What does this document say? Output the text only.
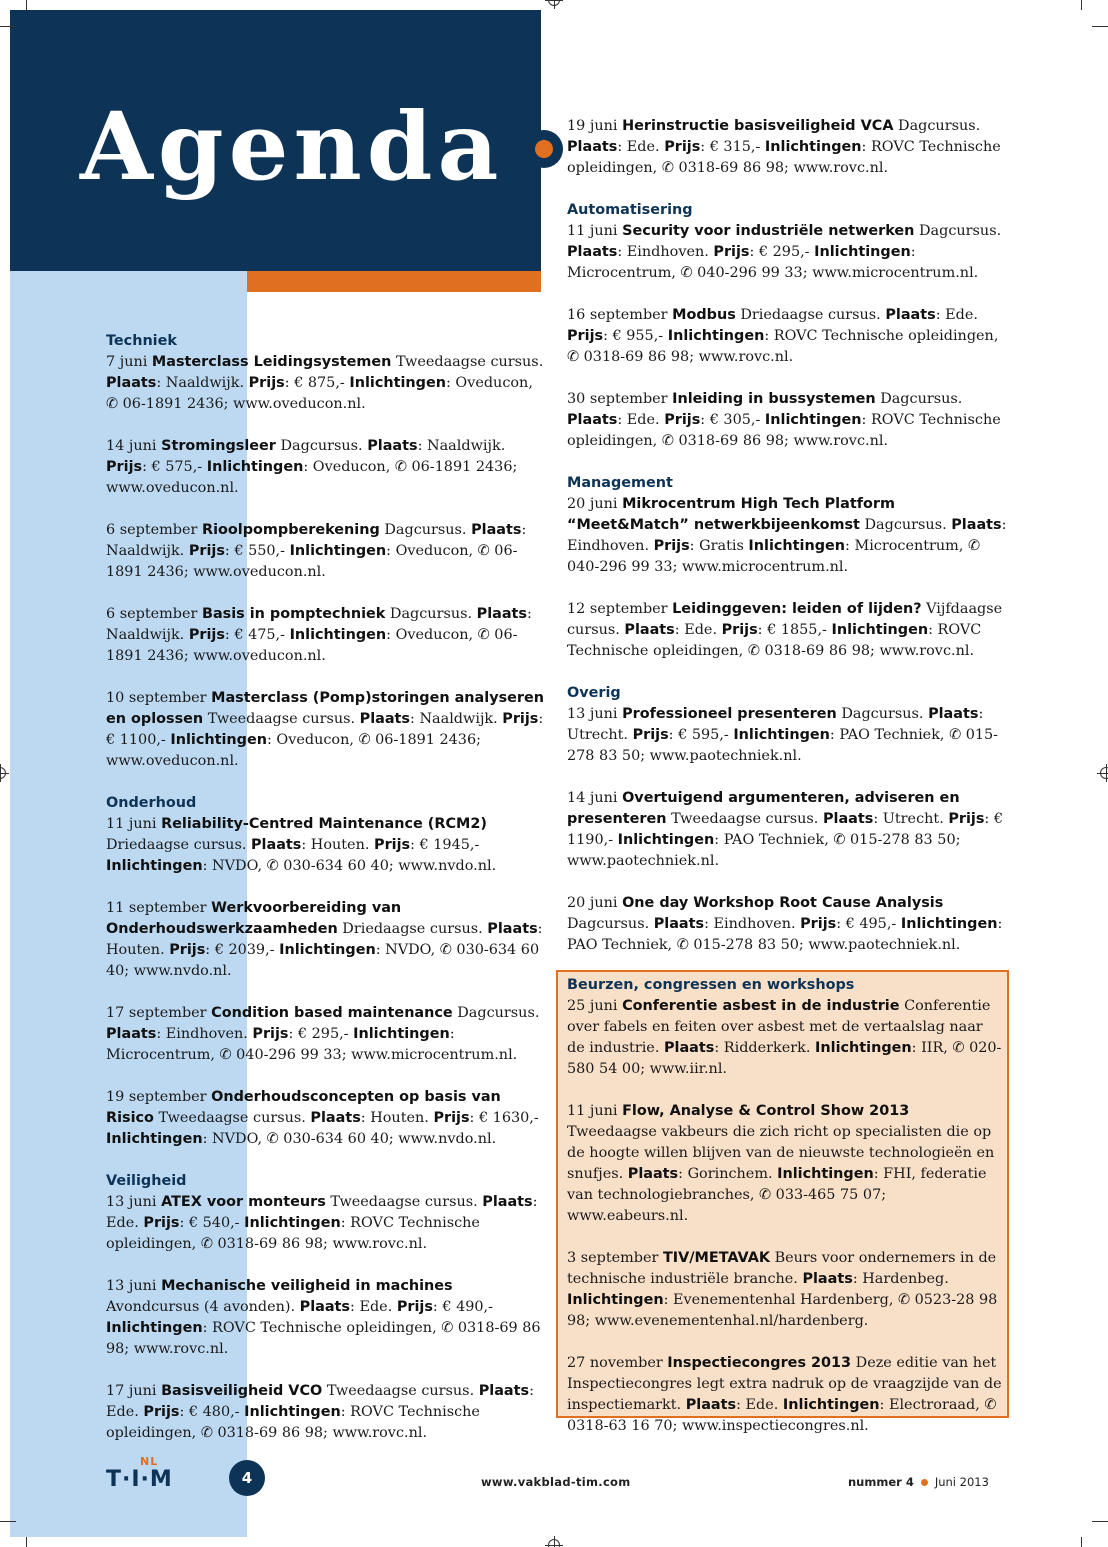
Agenda
Techniek
7 juni Masterclass Leidingsystemen Tweedaagse cursus. Plaats: Naaldwijk. Prijs: € 875,- Inlichtingen: Oveducon, ✆ 06-1891 2436; www.oveducon.nl.
14 juni Stromingsleer Dagcursus. Plaats: Naaldwijk. Prijs: € 575,- Inlichtingen: Oveducon, ✆ 06-1891 2436; www.oveducon.nl.
6 september Rioolpompberekening Dagcursus. Plaats: Naaldwijk. Prijs: € 550,- Inlichtingen: Oveducon, ✆ 06-1891 2436; www.oveducon.nl.
6 september Basis in pomptechniek Dagcursus. Plaats: Naaldwijk. Prijs: € 475,- Inlichtingen: Oveducon, ✆ 06-1891 2436; www.oveducon.nl.
10 september Masterclass (Pomp)storingen analyseren en oplossen Tweedaagse cursus. Plaats: Naaldwijk. Prijs: € 1100,- Inlichtingen: Oveducon, ✆ 06-1891 2436; www.oveducon.nl.
Onderhoud
11 juni Reliability-Centred Maintenance (RCM2) Driedaagse cursus. Plaats: Houten. Prijs: € 1945,- Inlichtingen: NVDO, ✆ 030-634 60 40; www.nvdo.nl.
11 september Werkvoorbereiding van Onderhoudswerkzaamheden Driedaagse cursus. Plaats: Houten. Prijs: € 2039,- Inlichtingen: NVDO, ✆ 030-634 60 40; www.nvdo.nl.
17 september Condition based maintenance Dagcursus. Plaats: Eindhoven. Prijs: € 295,- Inlichtingen: Microcentrum, ✆ 040-296 99 33; www.microcentrum.nl.
19 september Onderhoudsconcepten op basis van Risico Tweedaagse cursus. Plaats: Houten. Prijs: € 1630,- Inlichtingen: NVDO, ✆ 030-634 60 40; www.nvdo.nl.
Veiligheid
13 juni ATEX voor monteurs Tweedaagse cursus. Plaats: Ede. Prijs: € 540,- Inlichtingen: ROVC Technische opleidingen, ✆ 0318-69 86 98; www.rovc.nl.
13 juni Mechanische veiligheid in machines Avondcursus (4 avonden). Plaats: Ede. Prijs: € 490,- Inlichtingen: ROVC Technische opleidingen, ✆ 0318-69 86 98; www.rovc.nl.
17 juni Basisveiligheid VCO Tweedaagse cursus. Plaats: Ede. Prijs: € 480,- Inlichtingen: ROVC Technische opleidingen, ✆ 0318-69 86 98; www.rovc.nl.
19 juni Herinstructie basisveiligheid VCA Dagcursus. Plaats: Ede. Prijs: € 315,- Inlichtingen: ROVC Technische opleidingen, ✆ 0318-69 86 98; www.rovc.nl.
Automatisering
11 juni Security voor industriële netwerken Dagcursus. Plaats: Eindhoven. Prijs: € 295,- Inlichtingen: Microcentrum, ✆ 040-296 99 33; www.microcentrum.nl.
16 september Modbus Driedaagse cursus. Plaats: Ede. Prijs: € 955,- Inlichtingen: ROVC Technische opleidingen, ✆ 0318-69 86 98; www.rovc.nl.
30 september Inleiding in bussystemen Dagcursus. Plaats: Ede. Prijs: € 305,- Inlichtingen: ROVC Technische opleidingen, ✆ 0318-69 86 98; www.rovc.nl.
Management
20 juni Mikrocentrum High Tech Platform “Meet&Match” netwerkbijeenkomst Dagcursus. Plaats: Eindhoven. Prijs: Gratis Inlichtingen: Microcentrum, ✆ 040-296 99 33; www.microcentrum.nl.
12 september Leidinggeven: leiden of lijden? Vijfdaagse cursus. Plaats: Ede. Prijs: € 1855,- Inlichtingen: ROVC Technische opleidingen, ✆ 0318-69 86 98; www.rovc.nl.
Overig
13 juni Professioneel presenteren Dagcursus. Plaats: Utrecht. Prijs: € 595,- Inlichtingen: PAO Techniek, ✆ 015-278 83 50; www.paotechniek.nl.
14 juni Overtuigend argumenteren, adviseren en presenteren Tweedaagse cursus. Plaats: Utrecht. Prijs: € 1190,- Inlichtingen: PAO Techniek, ✆ 015-278 83 50; www.paotechniek.nl.
20 juni One day Workshop Root Cause Analysis Dagcursus. Plaats: Eindhoven. Prijs: € 495,- Inlichtingen: PAO Techniek, ✆ 015-278 83 50; www.paotechniek.nl.
Beurzen, congressen en workshops
25 juni Conferentie asbest in de industrie Conferentie over fabels en feiten over asbest met de vertaalslag naar de industrie. Plaats: Ridderkerk. Inlichtingen: IIR, ✆ 020-580 54 00; www.iir.nl.
11 juni Flow, Analyse & Control Show 2013 Tweedaagse vakbeurs die zich richt op specialisten die op de hoogte willen blijven van de nieuwste technologieën en snufjes. Plaats: Gorinchem. Inlichtingen: FHI, federatie van technologiebranches, ✆ 033-465 75 07; www.eabeurs.nl.
3 september TIV/METAVAK Beurs voor ondernemers in de technische industriële branche. Plaats: Hardenbeg. Inlichtingen: Evenementenhal Hardenberg, ✆ 0523-28 98 98; www.evenementenhal.nl/hardenberg.
27 november Inspectiecongres 2013 Deze editie van het Inspectiecongres legt extra nadruk op de vraagzijde van de inspectiemarkt. Plaats: Ede. Inlichtingen: Electroraad, ✆ 0318-63 16 70; www.inspectiecongres.nl.
NL
T·I·M	4	www.vakblad-tim.com	nummer 4 Juni 2013
